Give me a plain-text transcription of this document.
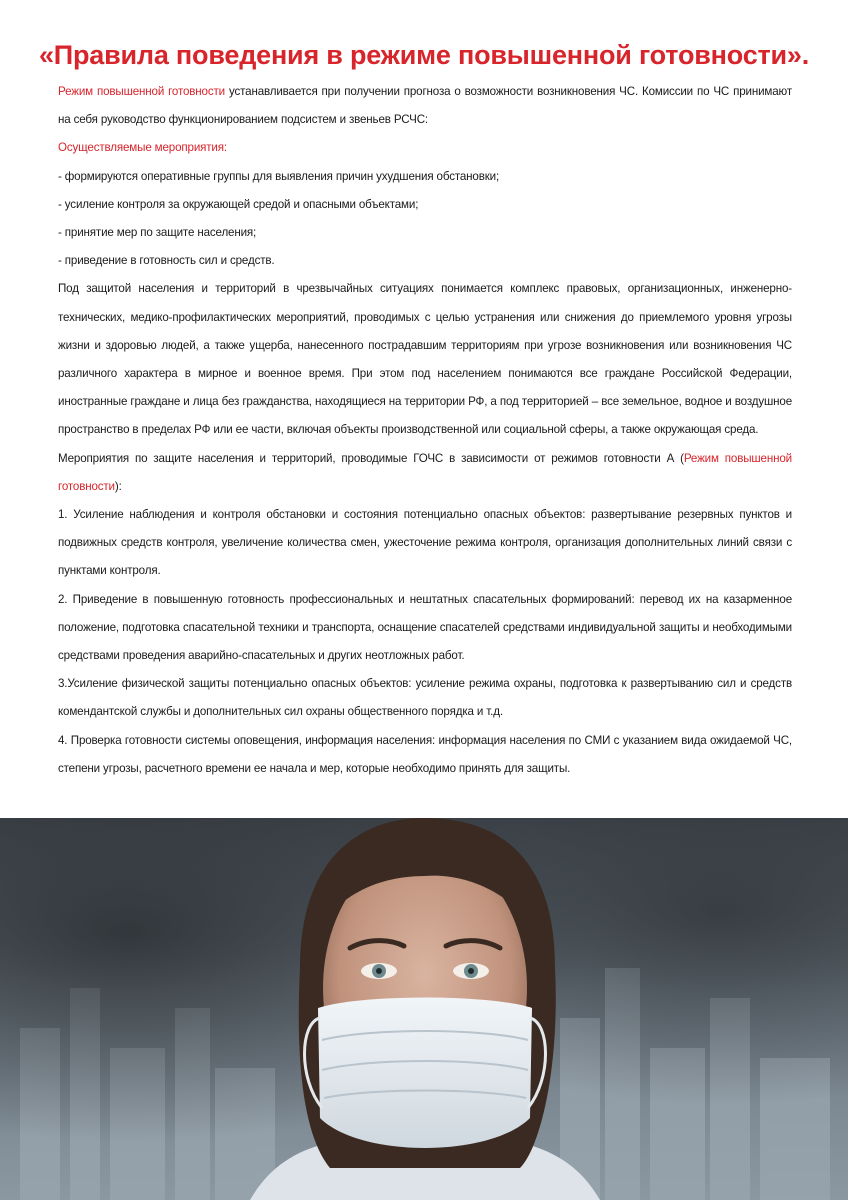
«Правила поведения в режиме повышенной готовности».

Режим повышенной готовности устанавливается при получении прогноза о возможности возникновения ЧС. Комиссии по ЧС принимают на себя руководство функционированием подсистем и звеньев РСЧС:

Осуществляемые мероприятия:

- формируются оперативные группы для выявления причин ухудшения обстановки;

- усиление контроля за окружающей средой и опасными объектами;

- принятие мер по защите населения;

- приведение в готовность сил и средств.

Под защитой населения и территорий в чрезвычайных ситуациях понимается комплекс правовых, организационных, инженерно-технических, медико-профилактических мероприятий, проводимых с целью устранения или снижения до приемлемого уровня угрозы жизни и здоровью людей, а также ущерба, нанесенного пострадавшим территориям при угрозе возникновения или возникновения ЧС различного характера в мирное и военное время. При этом под населением понимаются все граждане Российской Федерации, иностранные граждане и лица без гражданства, находящиеся на территории РФ, а под территорией – все земельное, водное и воздушное пространство в пределах РФ или ее части, включая объекты производственной или социальной сферы, а также окружающая среда.

Мероприятия по защите населения и территорий, проводимые ГОЧС в зависимости от режимов готовности А (Режим повышенной готовности):

1. Усиление наблюдения и контроля обстановки и состояния потенциально опасных объектов: развертывание резервных пунктов и подвижных средств контроля, увеличение количества смен, ужесточение режима контроля, организация дополнительных линий связи с пунктами контроля.

2. Приведение в повышенную готовность профессиональных и нештатных спасательных формирований: перевод их на казарменное положение, подготовка спасательной техники и транспорта, оснащение спасателей средствами индивидуальной защиты и необходимыми средствами проведения аварийно-спасательных и других неотложных работ.

3.Усиление физической защиты потенциально опасных объектов: усиление режима охраны, подготовка к развертыванию сил и средств комендантской службы и дополнительных сил охраны общественного порядка и т.д.

4. Проверка готовности системы оповещения, информация населения: информация населения по СМИ с указанием вида ожидаемой ЧС, степени угрозы, расчетного времени ее начала и мер, которые необходимо принять для защиты.
